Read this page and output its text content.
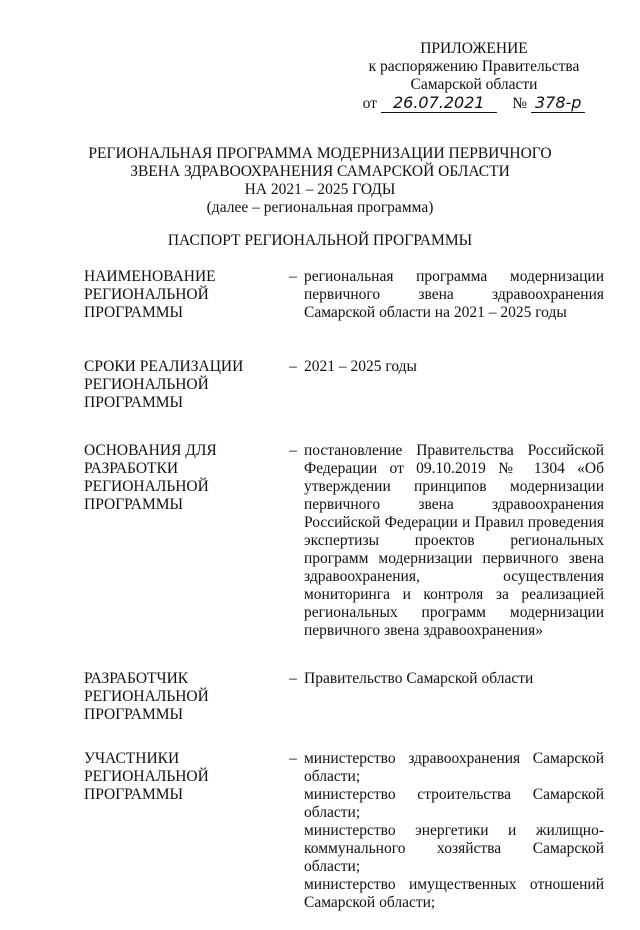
ПРИЛОЖЕНИЕ
к распоряжению Правительства
Самарской области
от 26.07.2021 № 378-р
РЕГИОНАЛЬНАЯ ПРОГРАММА МОДЕРНИЗАЦИИ ПЕРВИЧНОГО
ЗВЕНА ЗДРАВООХРАНЕНИЯ САМАРСКОЙ ОБЛАСТИ
НА 2021 – 2025 ГОДЫ
(далее – региональная программа)
ПАСПОРТ РЕГИОНАЛЬНОЙ ПРОГРАММЫ
НАИМЕНОВАНИЕ РЕГИОНАЛЬНОЙ ПРОГРАММЫ
– региональная программа модернизации первичного звена здравоохранения Самарской области на 2021 – 2025 годы
СРОКИ РЕАЛИЗАЦИИ РЕГИОНАЛЬНОЙ ПРОГРАММЫ
– 2021 – 2025 годы
ОСНОВАНИЯ ДЛЯ РАЗРАБОТКИ РЕГИОНАЛЬНОЙ ПРОГРАММЫ
– постановление Правительства Российской Федерации от 09.10.2019 № 1304 «Об утверждении принципов модернизации первичного звена здравоохранения Российской Федерации и Правил проведения экспертизы проектов региональных программ модернизации первичного звена здравоохранения, осуществления мониторинга и контроля за реализацией региональных программ модернизации первичного звена здравоохранения»
РАЗРАБОТЧИК РЕГИОНАЛЬНОЙ ПРОГРАММЫ
– Правительство Самарской области
УЧАСТНИКИ РЕГИОНАЛЬНОЙ ПРОГРАММЫ
– министерство здравоохранения Самарской области;
министерство строительства Самарской области;
министерство энергетики и жилищно-коммунального хозяйства Самарской области;
министерство имущественных отношений Самарской области;
